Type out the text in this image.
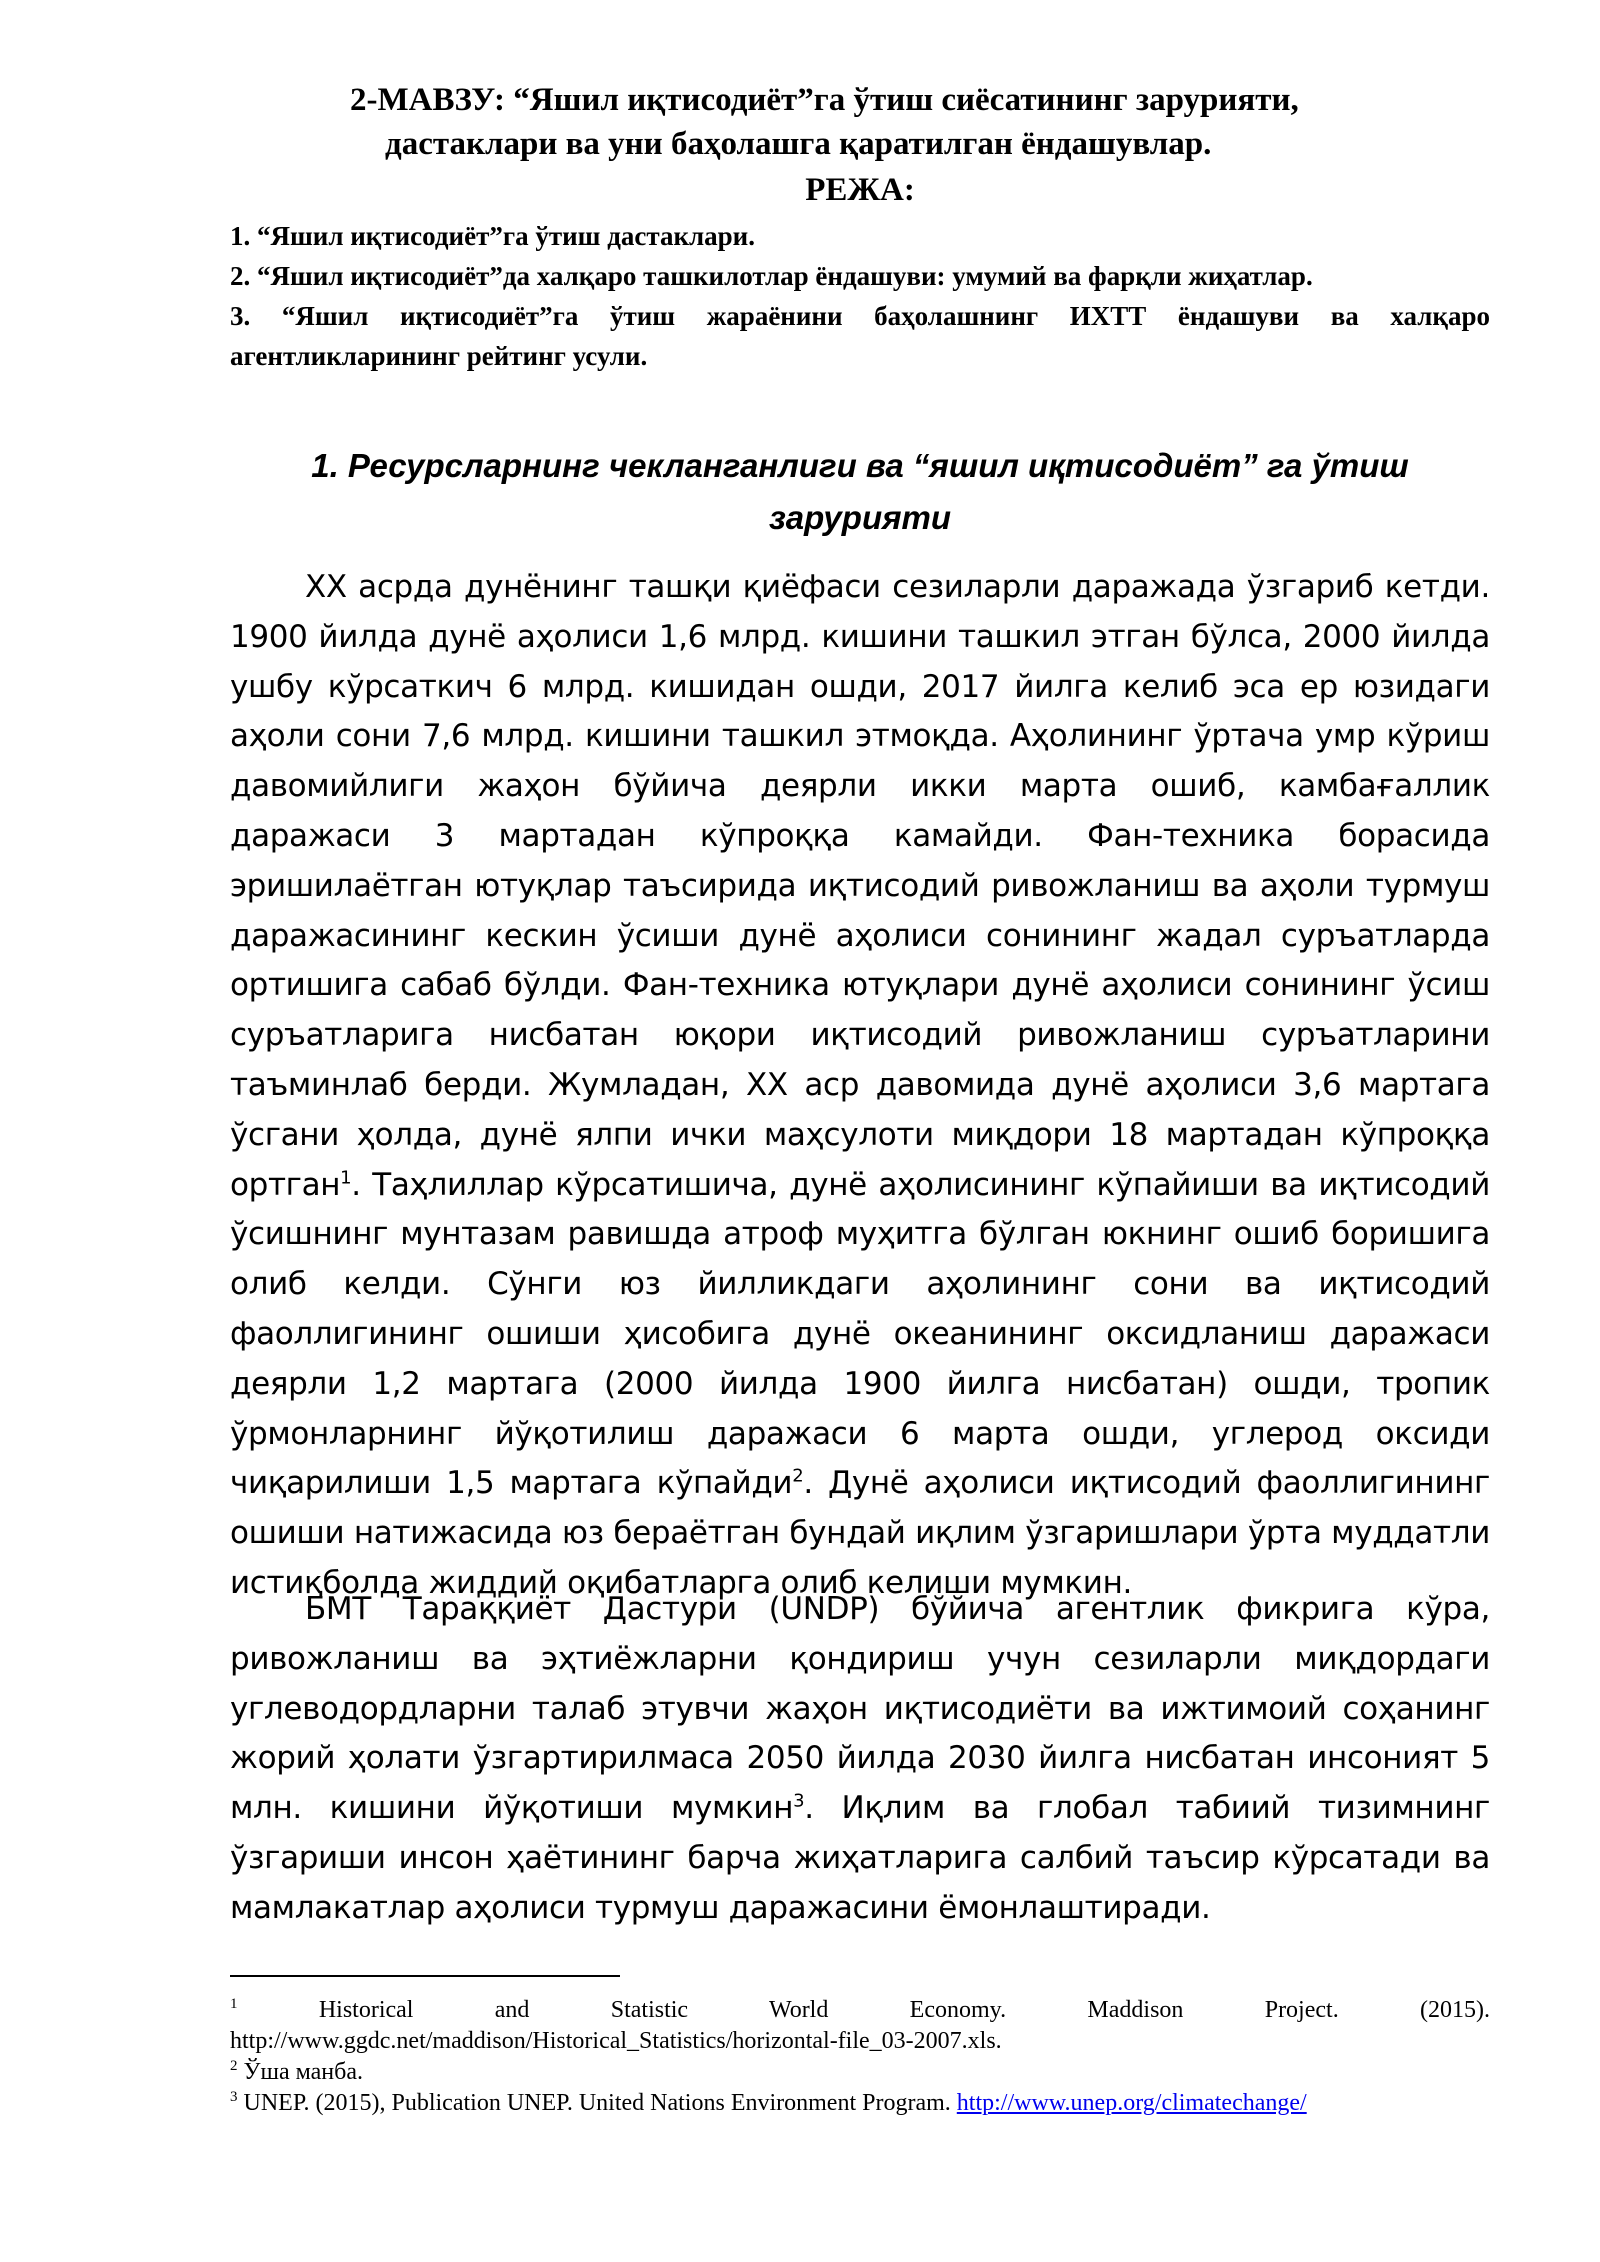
2-МАВЗУ: “Яшил иқтисодиёт”га ўтиш сиёсатининг зарурияти,
дастаклари ва уни баҳолашга қаратилган ёндашувлар.
РЕЖА:
1. “Яшил иқтисодиёт”га ўтиш дастаклари.
2. “Яшил иқтисодиёт”да халқаро ташкилотлар ёндашуви: умумий ва фарқли жиҳатлар.
3. “Яшил иқтисодиёт”га ўтиш жараёнини баҳолашнинг ИХТТ ёндашуви ва халқаро агентликларининг рейтинг усули.
1. Ресурсларнинг чекланганлиги ва “яшил иқтисодиёт” га ўтиш зарурияти

ХХ асрда дунёнинг ташқи қиёфаси сезиларли даражада ўзгариб кетди. 1900 йилда дунё аҳолиси 1,6 млрд. кишини ташкил этган бўлса, 2000 йилда ушбу кўрсаткич 6 млрд. кишидан ошди, 2017 йилга келиб эса ер юзидаги аҳоли сони 7,6 млрд. кишини ташкил этмоқда. Аҳолининг ўртача умр кўриш давомийлиги жаҳон бўйича деярли икки марта ошиб, камбағаллик даражаси 3 мартадан кўпроққа камайди. Фан-техника борасида эришилаётган ютуқлар таъсирида иқтисодий ривожланиш ва аҳоли турмуш даражасининг кескин ўсиши дунё аҳолиси сонининг жадал суръатларда ортишига сабаб бўлди. Фан-техника ютуқлари дунё аҳолиси сонининг ўсиш суръатларига нисбатан юқори иқтисодий ривожланиш суръатларини таъминлаб берди. Жумладан, ХХ аср давомида дунё аҳолиси 3,6 мартага ўсгани ҳолда, дунё ялпи ички маҳсулоти миқдори 18 мартадан кўпроққа ортган$^1$. Таҳлиллар кўрсатишича, дунё аҳолисининг кўпайиши ва иқтисодий ўсишнинг мунтазам равишда атроф муҳитга бўлган юкнинг ошиб боришига олиб келди. Сўнги юз йилликдаги аҳолининг сони ва иқтисодий фаоллигининг ошиши ҳисобига дунё океанининг оксидланиш даражаси деярли 1,2 мартага (2000 йилда 1900 йилга нисбатан) ошди, тропик ўрмонларнинг йўқотилиш даражаси 6 марта ошди, углерод оксиди чиқарилиши 1,5 мартага кўпайди$^2$. Дунё аҳолиси иқтисодий фаоллигининг ошиши натижасида юз бераётган бундай иқлим ўзгаришлари ўрта муддатли истиқболда жиддий оқибатларга олиб келиши мумкин.

БМТ Тараққиёт Дастури (UNDP) бўйича агентлик фикрига кўра, ривожланиш ва эҳтиёжларни қондириш учун сезиларли миқдордаги углеводордларни талаб этувчи жаҳон иқтисодиёти ва ижтимоий соҳанинг жорий ҳолати ўзгартирилмаса 2050 йилда 2030 йилга нисбатан инсоният 5 млн. кишини йўқотиши мумкин$^3$. Иқлим ва глобал табиий тизимнинг ўзгариши инсон ҳаётининг барча жиҳатларига салбий таъсир кўрсатади ва мамлакатлар аҳолиси турмуш даражасини ёмонлаштиради.

$^1$ Historical and Statistic World Economy. Maddison Project. (2015).
http://www.ggdc.net/maddison/Historical_Statistics/horizontal-file_03-2007.xls.
$^2$ Ўша манба.
$^3$ UNEP. (2015), Publication UNEP. United Nations Environment Program. http://www.unep.org/climatechange/
